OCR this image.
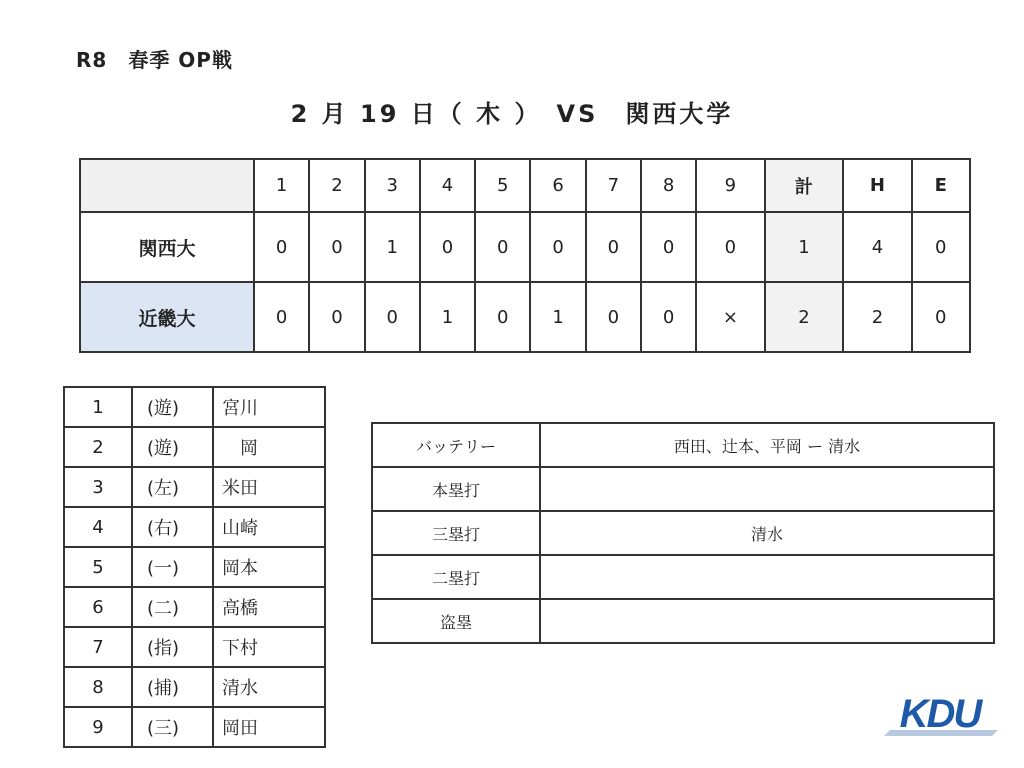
R8　春季 OP戦
2 月 19 日（ 木 ）　VS　関西大学
	1	2	3	4	5	6	7	8	9	計	H	E
関西大	0	0	1	0	0	0	0	0	0	1	4	0
近畿大	0	0	0	1	0	1	0	0	×	2	2	0
1	(遊)	宮川
2	(遊)	　岡
3	(左)	米田
4	(右)	山崎
5	(一)	岡本
6	(二)	高橋
7	(指)	下村
8	(捕)	清水
9	(三)	岡田
バッテリー	西田、辻本、平岡 ー 清水
本塁打	
三塁打	清水
二塁打	
盗塁	
KDU
